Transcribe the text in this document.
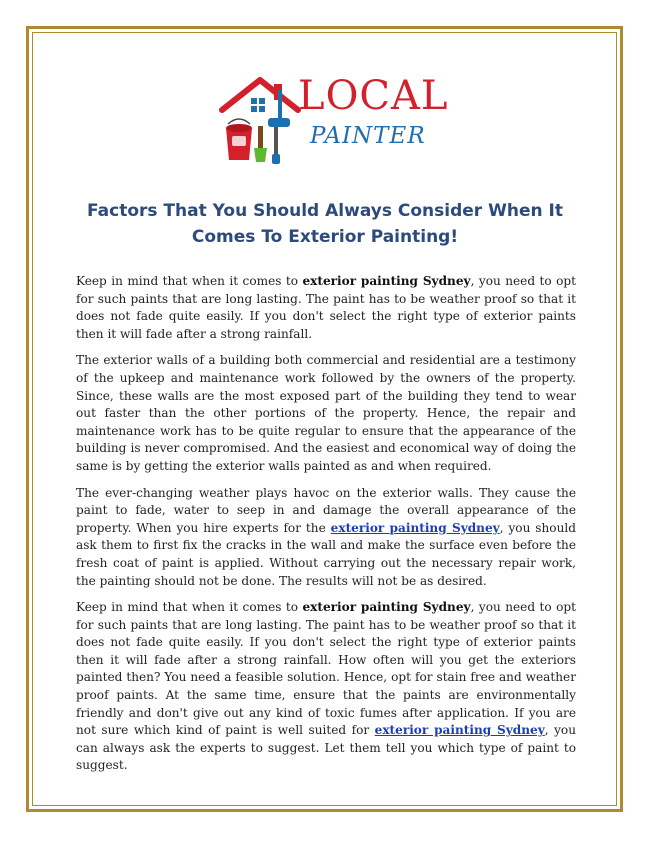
LOCAL
PAINTER
Factors That You Should Always Consider When It Comes To Exterior Painting!

Keep in mind that when it comes to exterior painting Sydney, you need to opt for such paints that are long lasting. The paint has to be weather proof so that it does not fade quite easily. If you don't select the right type of exterior paints then it will fade after a strong rainfall.

The exterior walls of a building both commercial and residential are a testimony of the upkeep and maintenance work followed by the owners of the property. Since, these walls are the most exposed part of the building they tend to wear out faster than the other portions of the property. Hence, the repair and maintenance work has to be quite regular to ensure that the appearance of the building is never compromised. And the easiest and economical way of doing the same is by getting the exterior walls painted as and when required.

The ever-changing weather plays havoc on the exterior walls. They cause the paint to fade, water to seep in and damage the overall appearance of the property. When you hire experts for the exterior painting Sydney, you should ask them to first fix the cracks in the wall and make the surface even before the fresh coat of paint is applied. Without carrying out the necessary repair work, the painting should not be done. The results will not be as desired.

Keep in mind that when it comes to exterior painting Sydney, you need to opt for such paints that are long lasting. The paint has to be weather proof so that it does not fade quite easily. If you don't select the right type of exterior paints then it will fade after a strong rainfall. How often will you get the exteriors painted then? You need a feasible solution. Hence, opt for stain free and weather proof paints. At the same time, ensure that the paints are environmentally friendly and don't give out any kind of toxic fumes after application. If you are not sure which kind of paint is well suited for exterior painting Sydney, you can always ask the experts to suggest. Let them tell you which type of paint to suggest.
